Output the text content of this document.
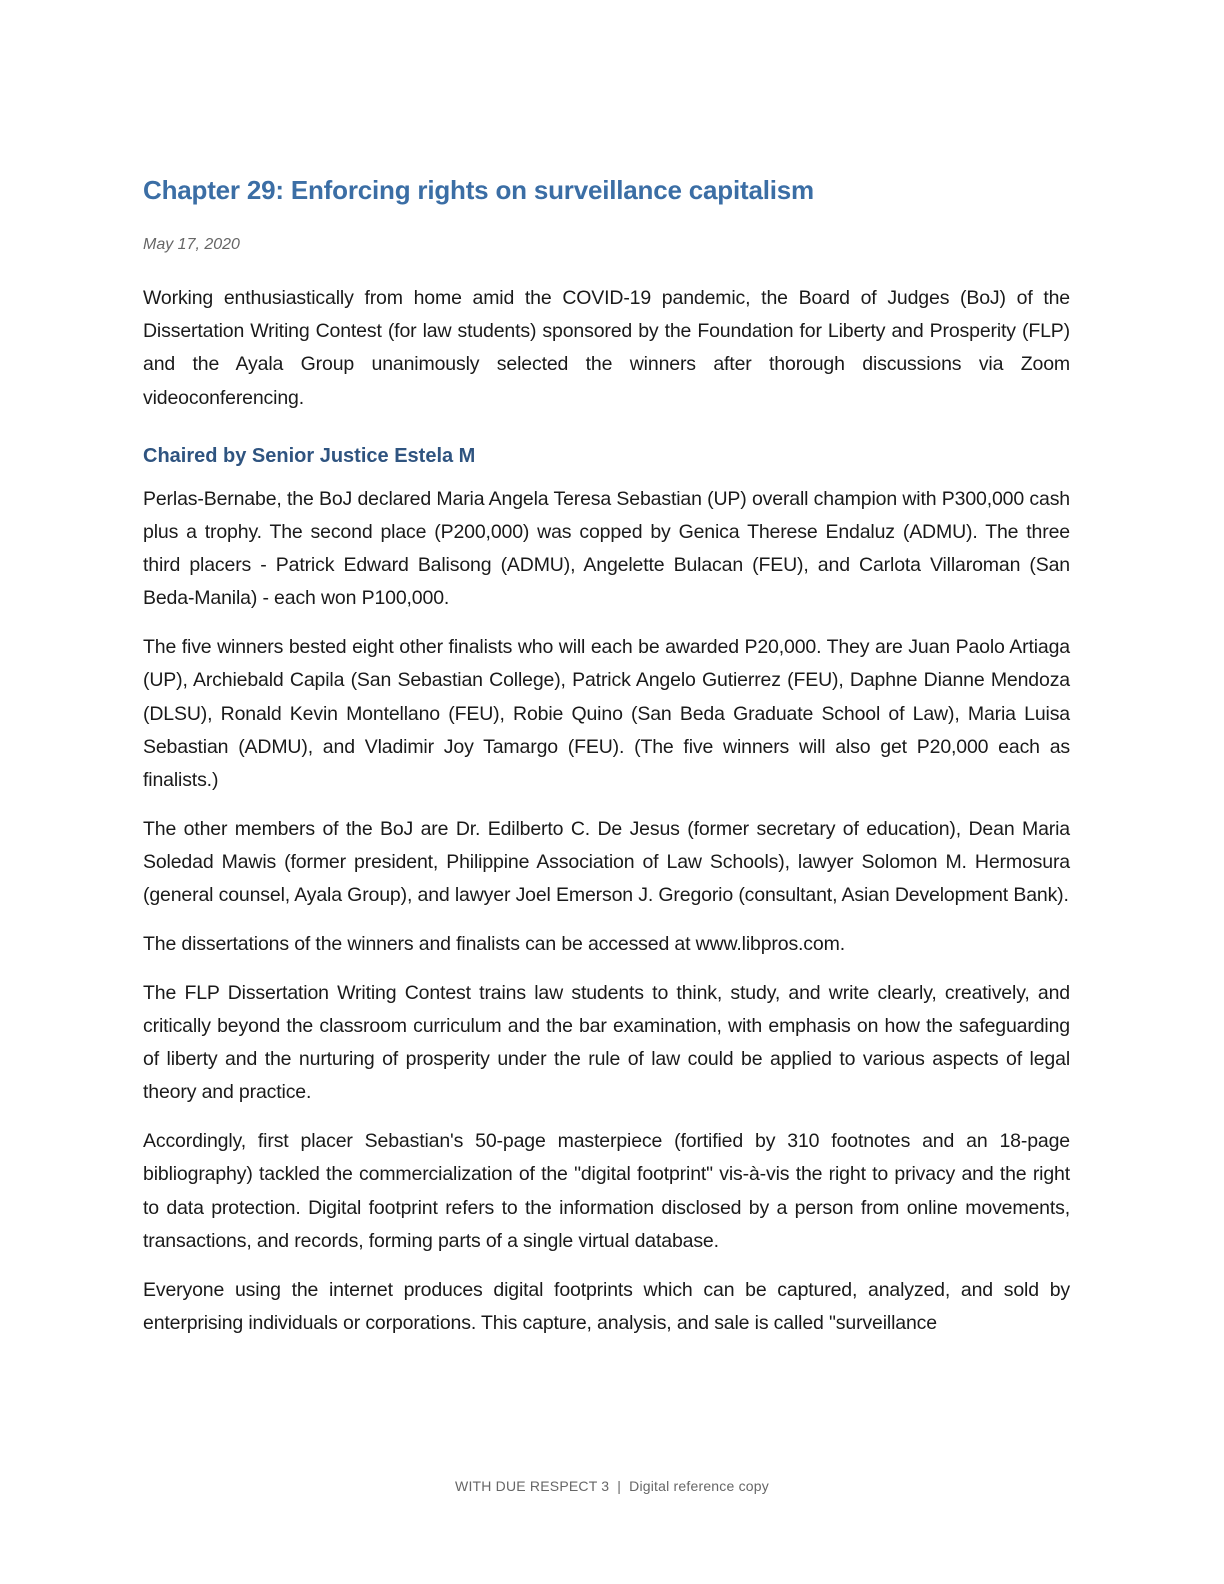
Chapter 29: Enforcing rights on surveillance capitalism
May 17, 2020

Working enthusiastically from home amid the COVID-19 pandemic, the Board of Judges (BoJ) of the Dissertation Writing Contest (for law students) sponsored by the Foundation for Liberty and Prosperity (FLP) and the Ayala Group unanimously selected the winners after thorough discussions via Zoom videoconferencing.

Chaired by Senior Justice Estela M

Perlas-Bernabe, the BoJ declared Maria Angela Teresa Sebastian (UP) overall champion with P300,000 cash plus a trophy. The second place (P200,000) was copped by Genica Therese Endaluz (ADMU). The three third placers - Patrick Edward Balisong (ADMU), Angelette Bulacan (FEU), and Carlota Villaroman (San Beda-Manila) - each won P100,000.

The five winners bested eight other finalists who will each be awarded P20,000. They are Juan Paolo Artiaga (UP), Archiebald Capila (San Sebastian College), Patrick Angelo Gutierrez (FEU), Daphne Dianne Mendoza (DLSU), Ronald Kevin Montellano (FEU), Robie Quino (San Beda Graduate School of Law), Maria Luisa Sebastian (ADMU), and Vladimir Joy Tamargo (FEU). (The five winners will also get P20,000 each as finalists.)

The other members of the BoJ are Dr. Edilberto C. De Jesus (former secretary of education), Dean Maria Soledad Mawis (former president, Philippine Association of Law Schools), lawyer Solomon M. Hermosura (general counsel, Ayala Group), and lawyer Joel Emerson J. Gregorio (consultant, Asian Development Bank).

The dissertations of the winners and finalists can be accessed at www.libpros.com.

The FLP Dissertation Writing Contest trains law students to think, study, and write clearly, creatively, and critically beyond the classroom curriculum and the bar examination, with emphasis on how the safeguarding of liberty and the nurturing of prosperity under the rule of law could be applied to various aspects of legal theory and practice.

Accordingly, first placer Sebastian's 50-page masterpiece (fortified by 310 footnotes and an 18-page bibliography) tackled the commercialization of the "digital footprint" vis-à-vis the right to privacy and the right to data protection. Digital footprint refers to the information disclosed by a person from online movements, transactions, and records, forming parts of a single virtual database.

Everyone using the internet produces digital footprints which can be captured, analyzed, and sold by enterprising individuals or corporations. This capture, analysis, and sale is called "surveillance

WITH DUE RESPECT 3 | Digital reference copy
